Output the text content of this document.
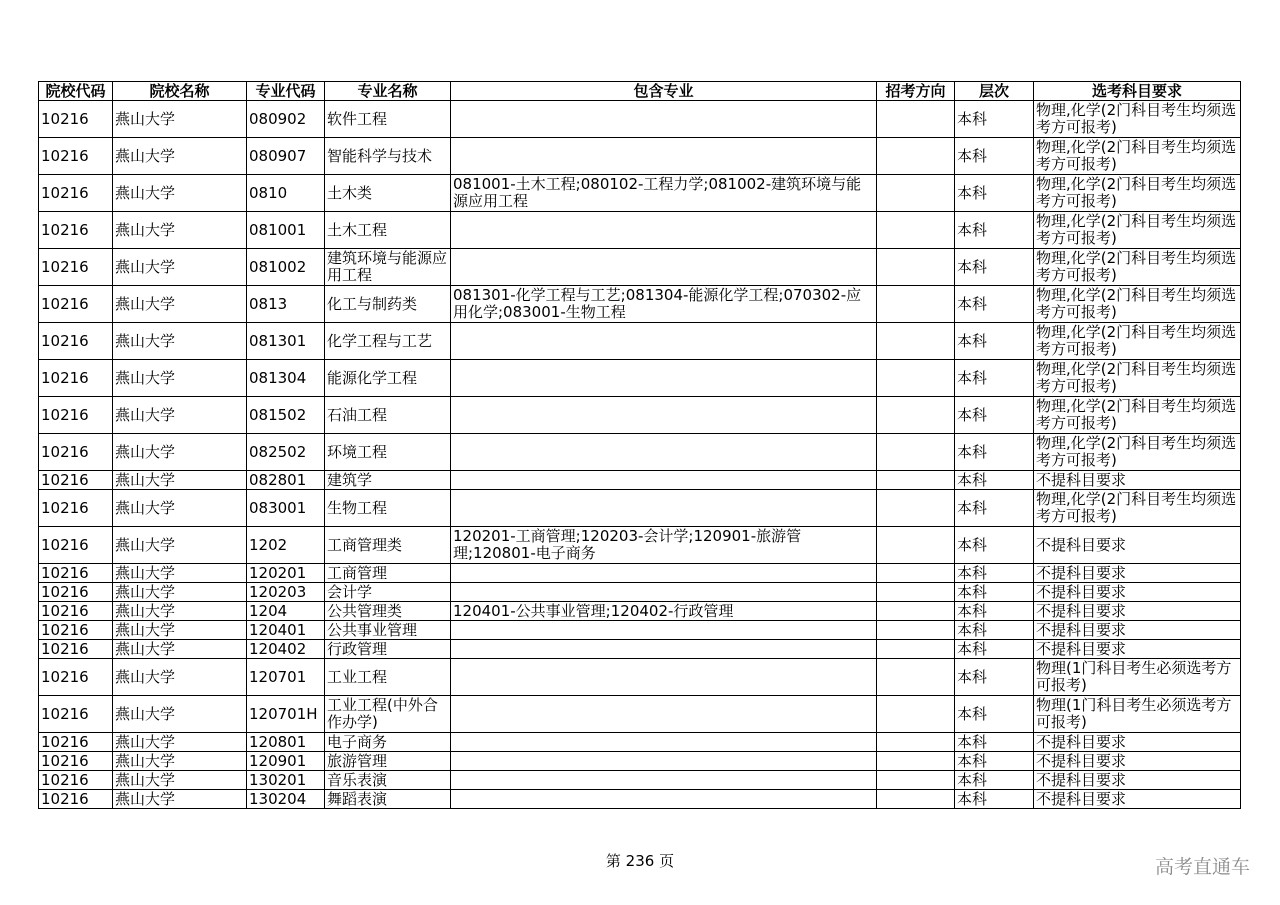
院校代码	院校名称	专业代码	专业名称	包含专业	招考方向	层次	选考科目要求
10216	燕山大学	080902	软件工程			本科	物理,化学(2门科目考生均须选考方可报考)
10216	燕山大学	080907	智能科学与技术			本科	物理,化学(2门科目考生均须选考方可报考)
10216	燕山大学	0810	土木类	081001-土木工程;080102-工程力学;081002-建筑环境与能源应用工程		本科	物理,化学(2门科目考生均须选考方可报考)
10216	燕山大学	081001	土木工程			本科	物理,化学(2门科目考生均须选考方可报考)
10216	燕山大学	081002	建筑环境与能源应用工程			本科	物理,化学(2门科目考生均须选考方可报考)
10216	燕山大学	0813	化工与制药类	081301-化学工程与工艺;081304-能源化学工程;070302-应用化学;083001-生物工程		本科	物理,化学(2门科目考生均须选考方可报考)
10216	燕山大学	081301	化学工程与工艺			本科	物理,化学(2门科目考生均须选考方可报考)
10216	燕山大学	081304	能源化学工程			本科	物理,化学(2门科目考生均须选考方可报考)
10216	燕山大学	081502	石油工程			本科	物理,化学(2门科目考生均须选考方可报考)
10216	燕山大学	082502	环境工程			本科	物理,化学(2门科目考生均须选考方可报考)
10216	燕山大学	082801	建筑学			本科	不提科目要求
10216	燕山大学	083001	生物工程			本科	物理,化学(2门科目考生均须选考方可报考)
10216	燕山大学	1202	工商管理类	120201-工商管理;120203-会计学;120901-旅游管理;120801-电子商务		本科	不提科目要求
10216	燕山大学	120201	工商管理			本科	不提科目要求
10216	燕山大学	120203	会计学			本科	不提科目要求
10216	燕山大学	1204	公共管理类	120401-公共事业管理;120402-行政管理		本科	不提科目要求
10216	燕山大学	120401	公共事业管理			本科	不提科目要求
10216	燕山大学	120402	行政管理			本科	不提科目要求
10216	燕山大学	120701	工业工程			本科	物理(1门科目考生必须选考方可报考)
10216	燕山大学	120701H	工业工程(中外合作办学)			本科	物理(1门科目考生必须选考方可报考)
10216	燕山大学	120801	电子商务			本科	不提科目要求
10216	燕山大学	120901	旅游管理			本科	不提科目要求
10216	燕山大学	130201	音乐表演			本科	不提科目要求
10216	燕山大学	130204	舞蹈表演			本科	不提科目要求
第 236 页	高考直通车
